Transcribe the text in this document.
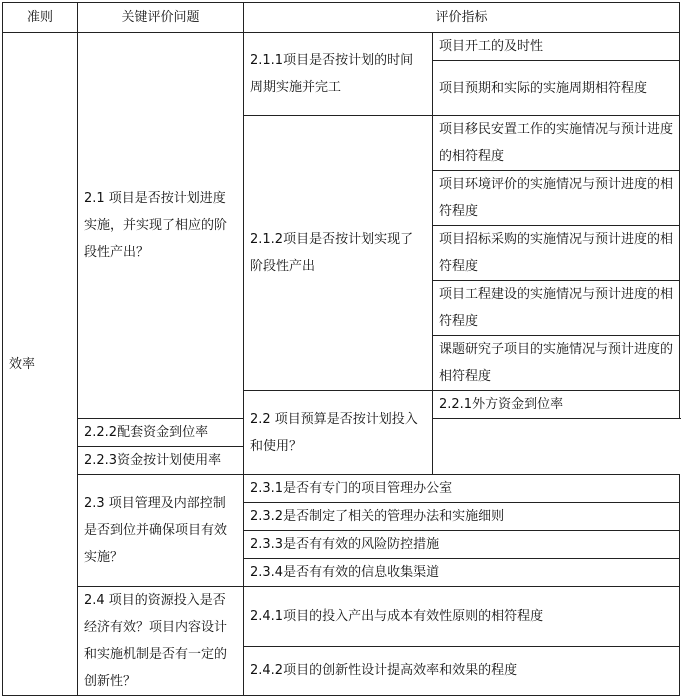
准则	关键评价问题	评价指标	
效率	2.1 项目是否按计划进度实施，并实现了相应的阶段性产出？	2.1.1项目是否按计划的时间周期实施并完工	项目开工的及时性
			项目预期和实际的实施周期相符程度
		2.1.2项目是否按计划实现了阶段性产出	项目移民安置工作的实施情况与预计进度的相符程度
			项目环境评价的实施情况与预计进度的相符程度
			项目招标采购的实施情况与预计进度的相符程度
			项目工程建设的实施情况与预计进度的相符程度
			课题研究子项目的实施情况与预计进度的相符程度
		2.2 项目预算是否按计划投入和使用？	2.2.1外方资金到位率
	2.2.2配套资金到位率		
	2.2.3资金按计划使用率		
	2.3 项目管理及内部控制是否到位并确保项目有效实施？	2.3.1是否有专门的项目管理办公室	
		2.3.2是否制定了相关的管理办法和实施细则	
		2.3.3是否有有效的风险防控措施	
		2.3.4是否有有效的信息收集渠道	
	2.4 项目的资源投入是否经济有效？项目内容设计和实施机制是否有一定的创新性？	2.4.1项目的投入产出与成本有效性原则的相符程度	
		2.4.2项目的创新性设计提高效率和效果的程度	
